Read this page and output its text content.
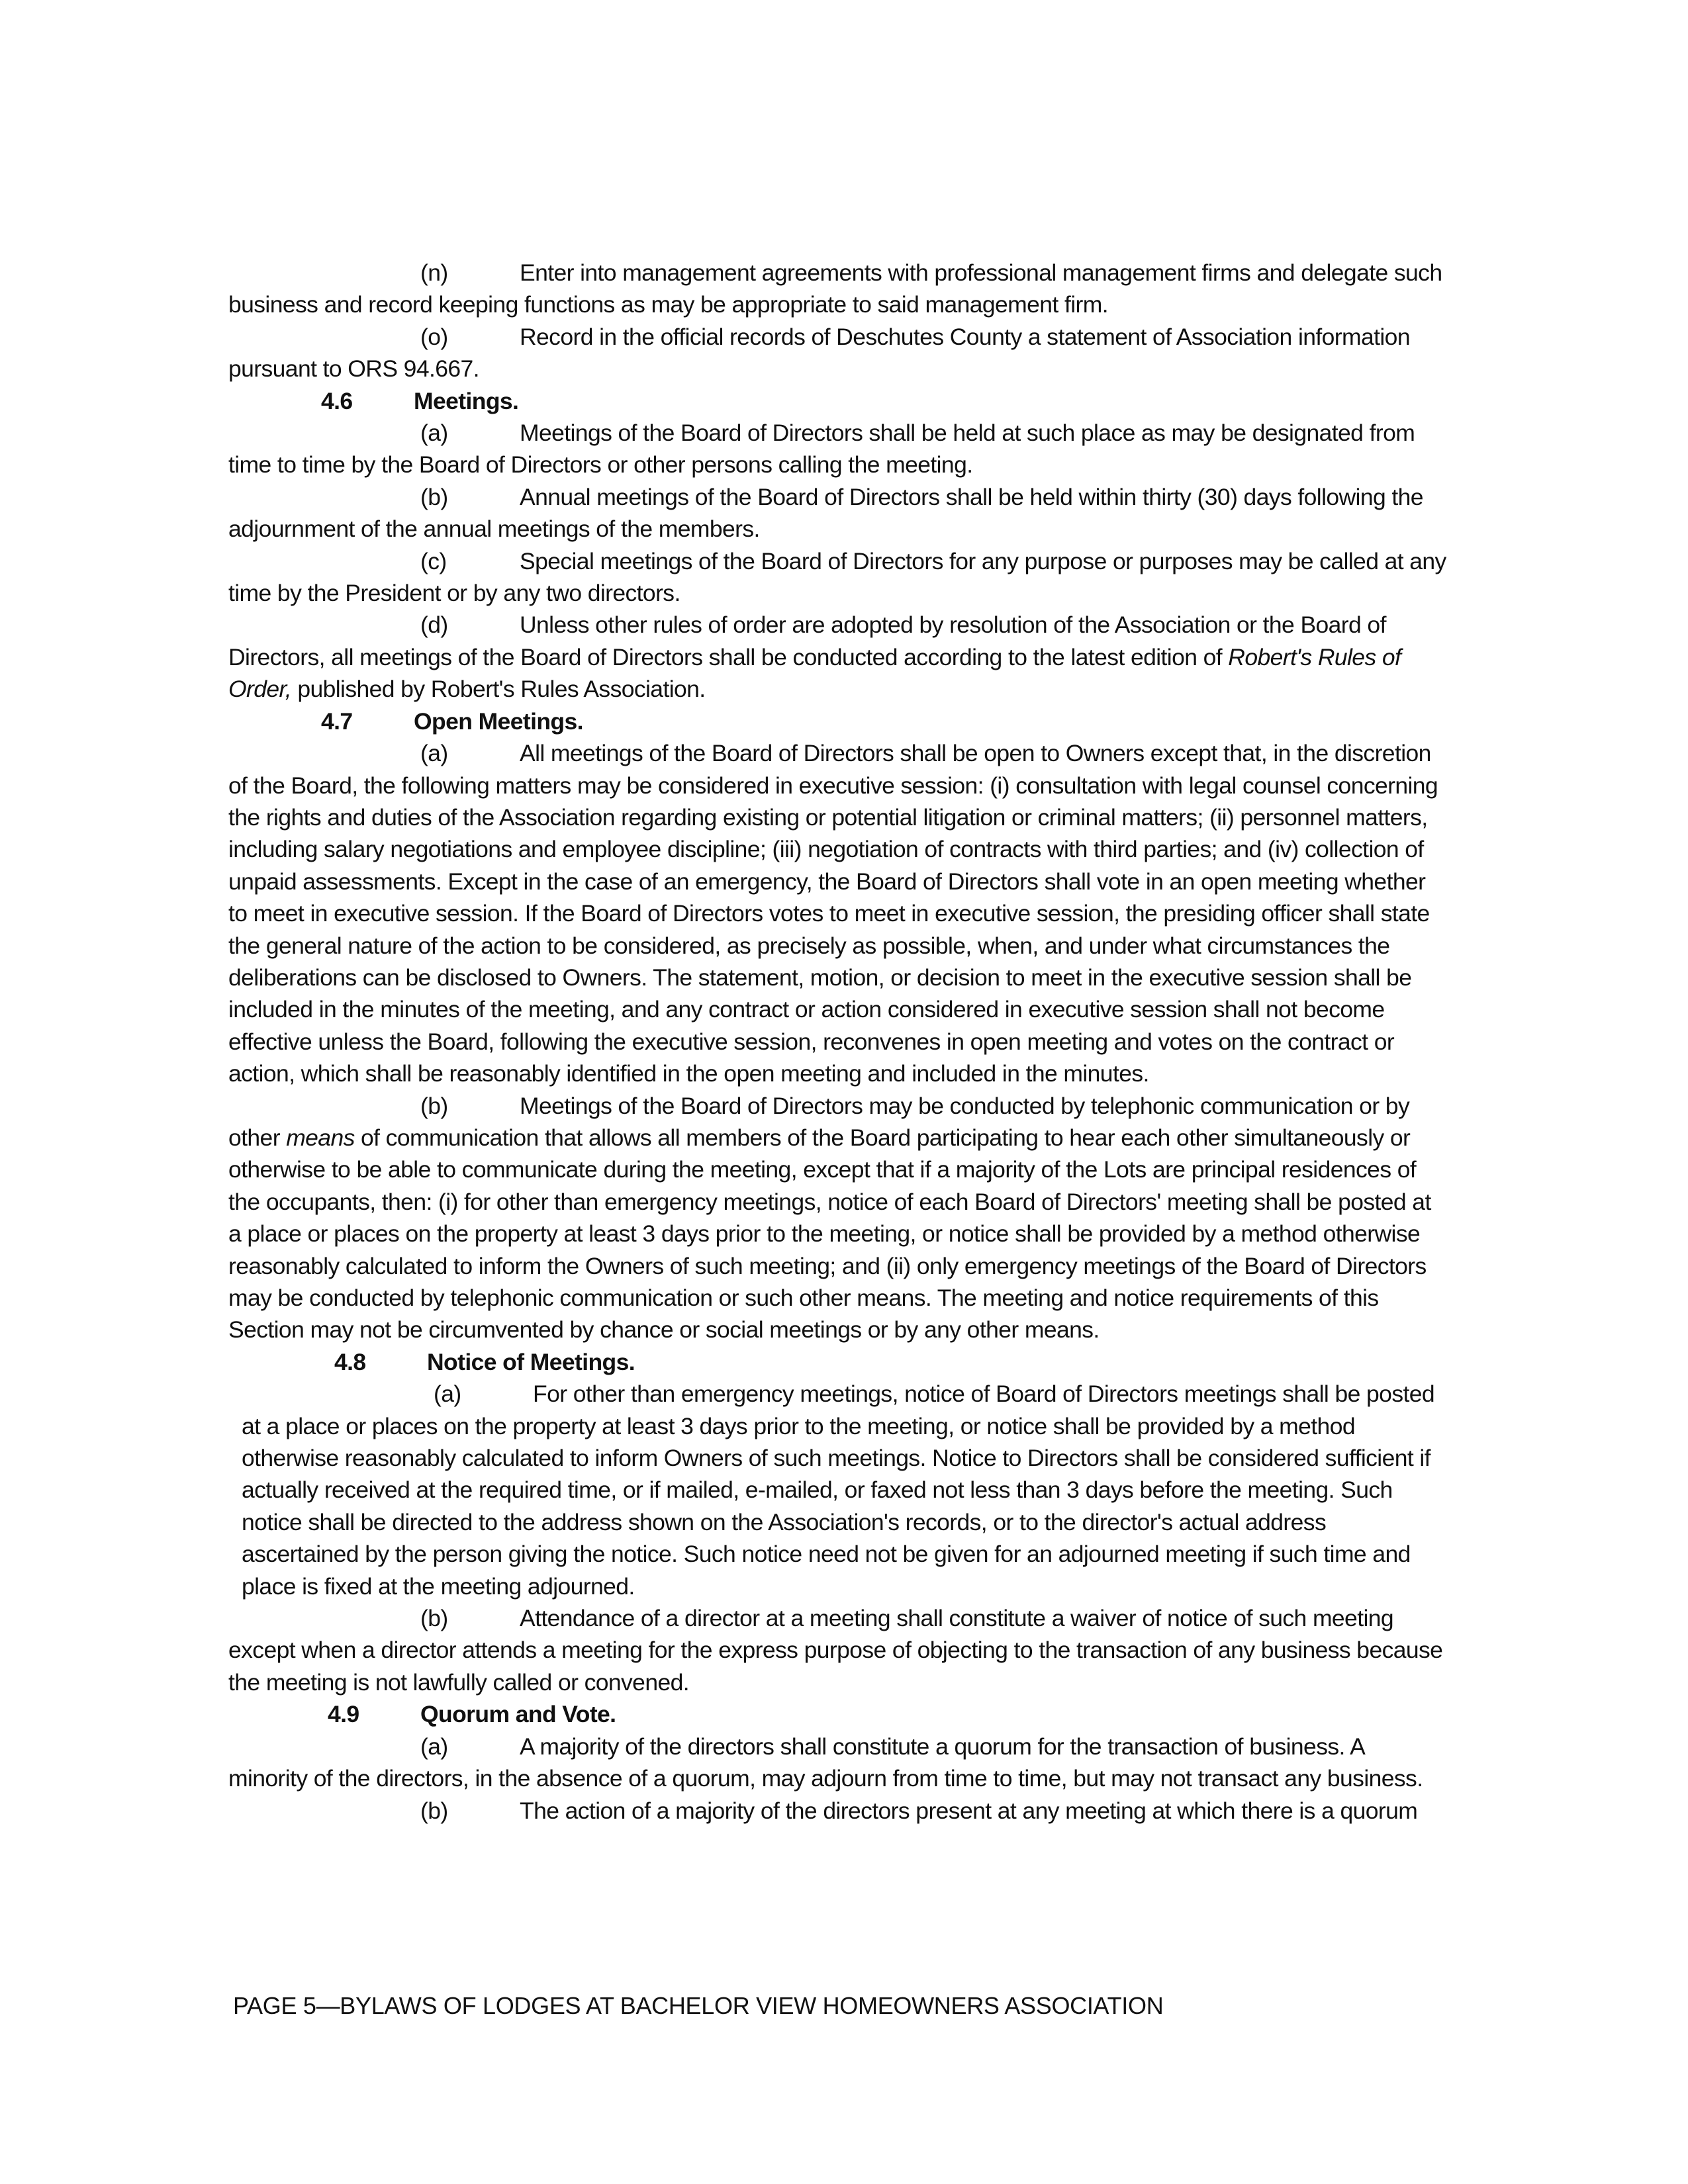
(n)	Enter into management agreements with professional management firms and delegate such business and record keeping functions as may be appropriate to said management firm.

(o)	Record in the official records of Deschutes County a statement of Association information pursuant to ORS 94.667.

4.6	Meetings.

(a)	Meetings of the Board of Directors shall be held at such place as may be designated from time to time by the Board of Directors or other persons calling the meeting.

(b)	Annual meetings of the Board of Directors shall be held within thirty (30) days following the adjournment of the annual meetings of the members.

(c)	Special meetings of the Board of Directors for any purpose or purposes may be called at any time by the President or by any two directors.

(d)	Unless other rules of order are adopted by resolution of the Association or the Board of Directors, all meetings of the Board of Directors shall be conducted according to the latest edition of Robert's Rules of Order, published by Robert's Rules Association.

4.7	Open Meetings.

(a)	All meetings of the Board of Directors shall be open to Owners except that, in the discretion of the Board, the following matters may be considered in executive session: (i) consultation with legal counsel concerning the rights and duties of the Association regarding existing or potential litigation or criminal matters; (ii) personnel matters, including salary negotiations and employee discipline; (iii) negotiation of contracts with third parties; and (iv) collection of unpaid assessments. Except in the case of an emergency, the Board of Directors shall vote in an open meeting whether to meet in executive session. If the Board of Directors votes to meet in executive session, the presiding officer shall state the general nature of the action to be considered, as precisely as possible, when, and under what circumstances the deliberations can be disclosed to Owners. The statement, motion, or decision to meet in the executive session shall be included in the minutes of the meeting, and any contract or action considered in executive session shall not become effective unless the Board, following the executive session, reconvenes in open meeting and votes on the contract or action, which shall be reasonably identified in the open meeting and included in the minutes.

(b)	Meetings of the Board of Directors may be conducted by telephonic communication or by other means of communication that allows all members of the Board participating to hear each other simultaneously or otherwise to be able to communicate during the meeting, except that if a majority of the Lots are principal residences of the occupants, then: (i) for other than emergency meetings, notice of each Board of Directors' meeting shall be posted at a place or places on the property at least 3 days prior to the meeting, or notice shall be provided by a method otherwise reasonably calculated to inform the Owners of such meeting; and (ii) only emergency meetings of the Board of Directors may be conducted by telephonic communication or such other means. The meeting and notice requirements of this Section may not be circumvented by chance or social meetings or by any other means.

4.8	Notice of Meetings.

(a)	For other than emergency meetings, notice of Board of Directors meetings shall be posted at a place or places on the property at least 3 days prior to the meeting, or notice shall be provided by a method otherwise reasonably calculated to inform Owners of such meetings. Notice to Directors shall be considered sufficient if actually received at the required time, or if mailed, e-mailed, or faxed not less than 3 days before the meeting. Such notice shall be directed to the address shown on the Association's records, or to the director's actual address ascertained by the person giving the notice. Such notice need not be given for an adjourned meeting if such time and place is fixed at the meeting adjourned.

(b)	Attendance of a director at a meeting shall constitute a waiver of notice of such meeting except when a director attends a meeting for the express purpose of objecting to the transaction of any business because the meeting is not lawfully called or convened.

4.9	Quorum and Vote.

(a)	A majority of the directors shall constitute a quorum for the transaction of business. A minority of the directors, in the absence of a quorum, may adjourn from time to time, but may not transact any business.

(b)	The action of a majority of the directors present at any meeting at which there is a quorum

PAGE 5—BYLAWS OF LODGES AT BACHELOR VIEW HOMEOWNERS ASSOCIATION
